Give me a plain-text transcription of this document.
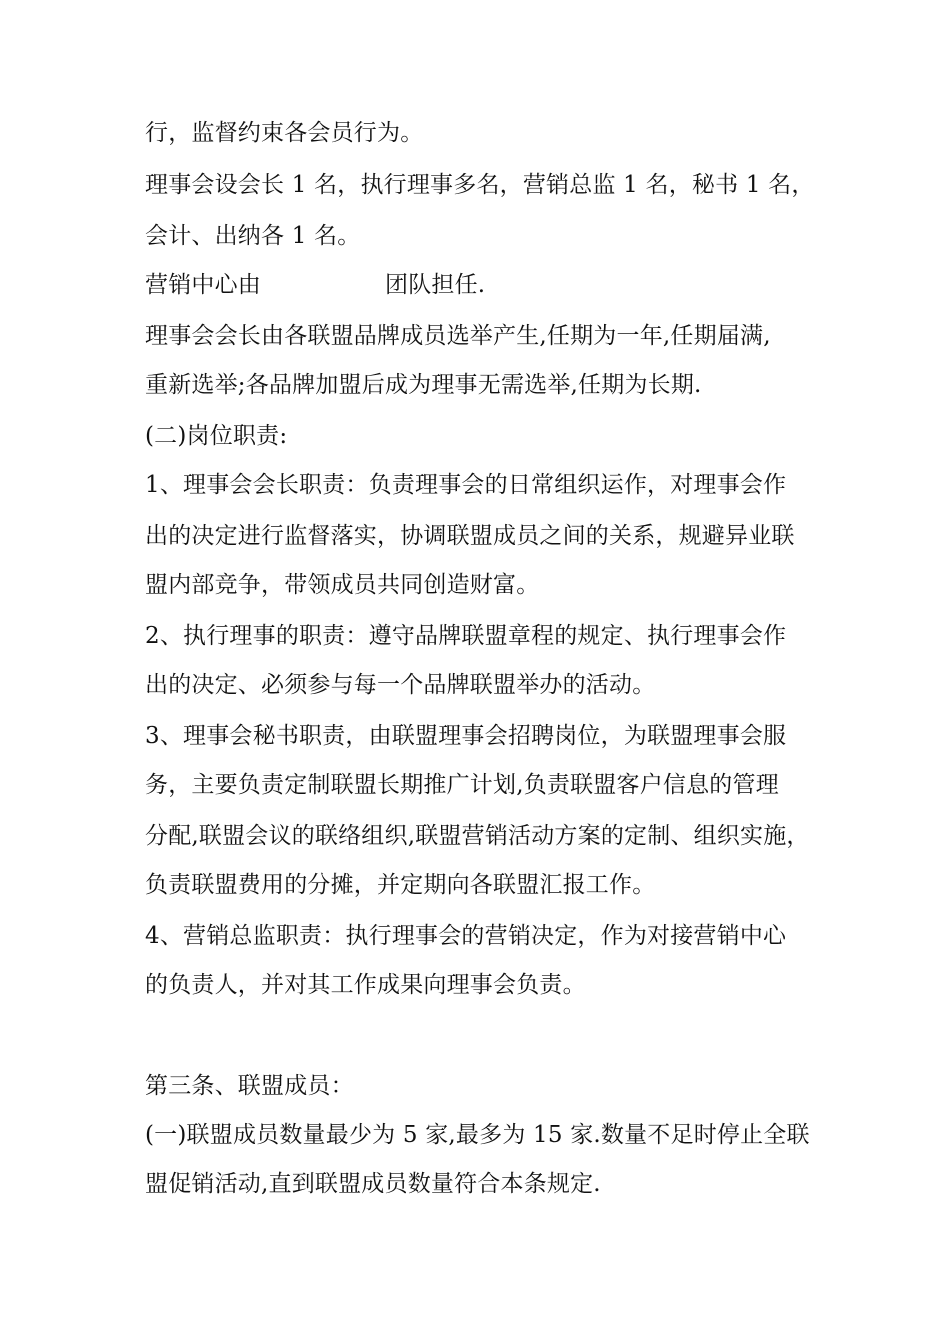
行，监督约束各会员行为。
理事会设会长 1 名，执行理事多名，营销总监 1 名，秘书 1 名，
会计、出纳各 1 名。
营销中心由	团队担任.
理事会会长由各联盟品牌成员选举产生,任期为一年,任期届满,
重新选举;各品牌加盟后成为理事无需选举,任期为长期.
(二)岗位职责:
1、理事会会长职责：负责理事会的日常组织运作，对理事会作
出的决定进行监督落实，协调联盟成员之间的关系，规避异业联
盟内部竞争，带领成员共同创造财富。
2、执行理事的职责：遵守品牌联盟章程的规定、执行理事会作
出的决定、必须参与每一个品牌联盟举办的活动。
3、理事会秘书职责，由联盟理事会招聘岗位，为联盟理事会服
务，主要负责定制联盟长期推广计划,负责联盟客户信息的管理
分配,联盟会议的联络组织,联盟营销活动方案的定制、组织实施，
负责联盟费用的分摊，并定期向各联盟汇报工作。
4、营销总监职责：执行理事会的营销决定，作为对接营销中心
的负责人，并对其工作成果向理事会负责。
第三条、联盟成员：
(一)联盟成员数量最少为 5 家,最多为 15 家.数量不足时停止全联
盟促销活动,直到联盟成员数量符合本条规定.
